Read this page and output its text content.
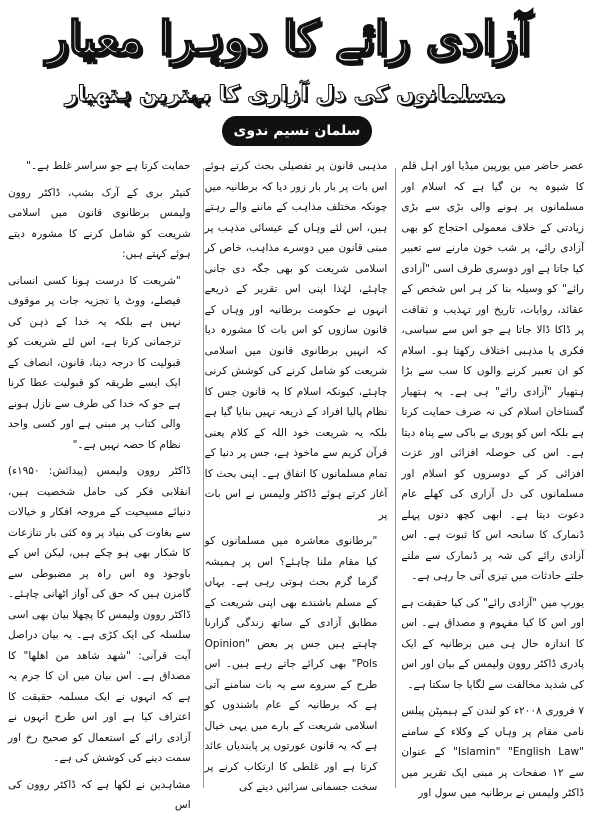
آزادی رائے کا دوہرا معیار
مسلمانوں کی دل آزاری کا بہترین ہتھیار
سلمان نسیم ندوی

عصر حاضر میں یورپین میڈیا اور اہل قلم کا شیوہ یہ بن گیا ہے کہ اسلام اور مسلمانوں پر ہونے والی بڑی سے بڑی زیادتی کے خلاف معمولی احتجاج کو بھی آزادی رائے، پر شب خون مارنے سے تعبیر کیا جاتا ہے اور دوسری طرف اسی "آزادی رائے" کو وسیلہ بنا کر ہر اس شخص کے عقائد، روایات، تاریخ اور تہذیب و ثقافت پر ڈاکا ڈالا جاتا ہے جو اس سے سیاسی، فکری یا مذہبی اختلاف رکھتا ہو۔ اسلام کو ان تعبیر کرنے والوں کا سب سے بڑا ہتھیار "آزادی رائے" ہی ہے۔ یہ ہتھیار گستاخان اسلام کی نہ صرف حمایت کرتا ہے بلکہ اس کو پوری بے باکی سے پناہ دیتا ہے۔ اس کی حوصلہ افزائی اور عزت افزائی کر کے دوسروں کو اسلام اور مسلمانوں کی دل آزاری کی کھلے عام دعوت دیتا ہے۔ ابھی کچھ دنوں پہلے ڈنمارک کا سانحہ اس کا ثبوت ہے۔ اس آزادی رائے کی شہ پر ڈنمارک سے ملتے جلتے حادثات میں تیزی آتی جا رہی ہے۔

یورپ میں "آزادی رائے" کی کیا حقیقت ہے اور اس کا کیا مفہوم و مصداق ہے۔ اس کا اندازہ حال ہی میں برطانیہ کے ایک پادری ڈاکٹر روون ولیمس کے بیان اور اس کی شدید مخالفت سے لگایا جا سکتا ہے۔

۷ فروری ۲۰۰۸ء کو لندن کے ہیمپٹن پیلس نامی مقام پر وہاں کے وکلاء کے سامنے "Islamin" "English Law" کے عنوان سے ۱۲ صفحات پر مبنی ایک تقریر میں ڈاکٹر ولیمس نے برطانیہ میں سول اور

مذہبی قانون پر تفصیلی بحث کرتے ہوئے اس بات پر بار بار زور دیا کہ برطانیہ میں چونکہ مختلف مذاہب کے ماننے والے رہتے ہیں، اس لئے وہاں کے عیسائی مذہب پر مبنی قانون میں دوسرے مذاہب، خاص کر اسلامی شریعت کو بھی جگہ دی جانی چاہئے، لہٰذا اپنی اس تقریر کے ذریعے انہوں نے حکومت برطانیہ اور وہاں کے قانون سازوں کو اس بات کا مشورہ دیا کہ انہیں برطانوی قانون میں اسلامی شریعت کو شامل کرنے کی کوشش کرنی چاہئے، کیونکہ اسلام کا یہ قانون جس کا نظام پالیا افراد کے ذریعہ نہیں بنایا گیا ہے بلکہ یہ شریعت خود اللہ کے کلام یعنی قرآن کریم سے ماخوذ ہے، جس پر دنیا کے تمام مسلمانوں کا اتفاق ہے۔ اپنی بحث کا آغاز کرتے ہوئے ڈاکٹر ولیمس نے اس بات پر

"برطانوی معاشرہ میں مسلمانوں کو کیا مقام ملنا چاہئے؟ اس پر ہمیشہ گرما گرم بحث ہوتی رہی ہے۔ یہاں کے مسلم باشندے بھی اپنی شریعت کے مطابق آزادی کے ساتھ زندگی گزارنا چاہتے ہیں جس پر بعض "Opinion Pols" بھی کرائے جاتے رہے ہیں۔ اس طرح کے سروے سے یہ بات سامنے آتی ہے کہ برطانیہ کے عام باشندوں کو اسلامی شریعت کے بارے میں یہی خیال ہے کہ یہ قانون عورتوں پر پابندیاں عائد کرتا ہے اور غلطی کا ارتکاب کرنے پر سخت جسمانی سزائیں دینے کی

حمایت کرتا ہے جو سراسر غلط ہے۔"

کنیٹر بری کے آرک بشپ، ڈاکٹر روون ولیمس برطانوی قانون میں اسلامی شریعت کو شامل کرنے کا مشورہ دیتے ہوئے کہتے ہیں:

"شریعت کا درست ہونا کسی انسانی فیصلے، ووٹ یا تجزیہ جات پر موقوف نہیں ہے بلکہ یہ خدا کے ذہن کی ترجمانی کرتا ہے، اس لئے شریعت کو قبولیت کا درجہ دینا، قانون، انصاف کے ایک ایسے طریقہ کو قبولیت عطا کرنا ہے جو کہ خدا کی طرف سے نازل ہونے والی کتاب پر مبنی ہے اور کسی واحد نظام کا حصہ نہیں ہے۔"

ڈاکٹر روون ولیمس (پیدائش: ۱۹۵۰ء) انقلابی فکر کی حامل شخصیت ہیں، دنیائے مسیحیت کے مروجہ افکار و خیالات سے بغاوت کی بنیاد پر وہ کئی بار تنازعات کا شکار بھی ہو چکے ہیں، لیکن اس کے باوجود وہ اس راہ پر مضبوطی سے گامزن ہیں کہ حق کی آواز اٹھانی چاہئے۔ ڈاکٹر روون ولیمس کا پچھلا بیان بھی اسی سلسلہ کی ایک کڑی ہے۔ یہ بیان دراصل آیت قرآنی: "شھد شاھد من اھلھا" کا مصداق ہے۔ اس بیان میں ان کا جرم یہ ہے کہ انہوں نے ایک مسلمہ حقیقت کا اعتراف کیا ہے اور اس طرح انہوں نے آزادی رائے کے استعمال کو صحیح رخ اور سمت دینے کی کوشش کی ہے۔

مشاہدین نے لکھا ہے کہ ڈاکٹر روون کی اس
